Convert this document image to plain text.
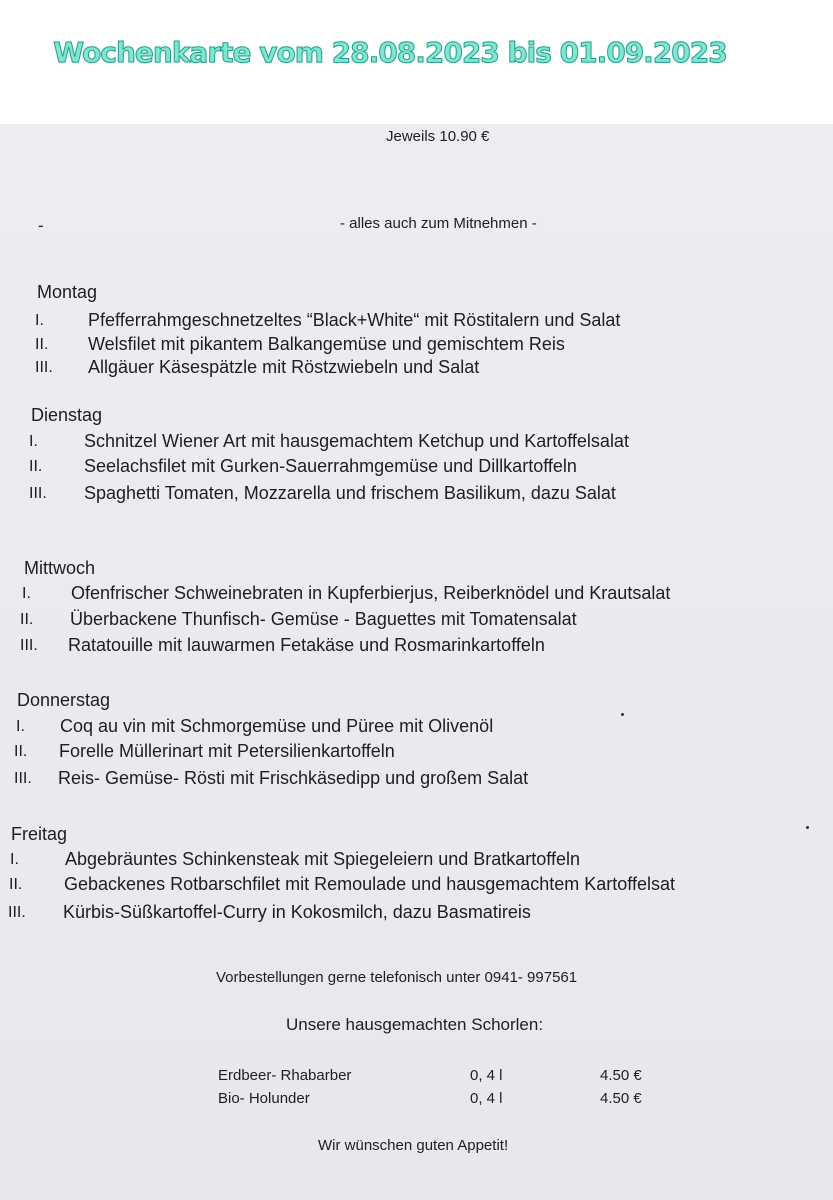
Wochenkarte vom 28.08.2023 bis 01.09.2023
Jeweils 10.90 €
-	- alles auch zum Mitnehmen -
Montag
I. Pfefferrahmgeschnetzeltes “Black+White“ mit Röstitalern und Salat
II. Welsfilet mit pikantem Balkangemüse und gemischtem Reis
III. Allgäuer Käsespätzle mit Röstzwiebeln und Salat
Dienstag
I.	Schnitzel Wiener Art mit hausgemachtem Ketchup und Kartoffelsalat
II. Seelachsfilet mit Gurken-Sauerrahmgemüse und Dillkartoffeln
III. Spaghetti Tomaten, Mozzarella und frischem Basilikum, dazu Salat
Mittwoch
I. Ofenfrischer Schweinebraten in Kupferbierjus, Reiberknödel und Krautsalat
II. Überbackene Thunfisch- Gemüse - Baguettes mit Tomatensalat
III. Ratatouille mit lauwarmen Fetakäse und Rosmarinkartoffeln
Donnerstag
I. Coq au vin mit Schmorgemüse und Püree mit Olivenöl
II. Forelle Müllerinart mit Petersilienkartoffeln
III. Reis- Gemüse- Rösti mit Frischkäsedipp und großem Salat
Freitag
I.	Abgebräuntes Schinkensteak mit Spiegeleiern und Bratkartoffeln
II. Gebackenes Rotbarschfilet mit Remoulade und hausgemachtem Kartoffelsat
III. Kürbis-Süßkartoffel-Curry in Kokosmilch, dazu Basmatireis
Vorbestellungen gerne telefonisch unter 0941- 997561
Unsere hausgemachten Schorlen:
Erdbeer- Rhabarber	0, 4 l	4.50 €
Bio- Holunder	0, 4 l	4.50 €
Wir wünschen guten Appetit!
